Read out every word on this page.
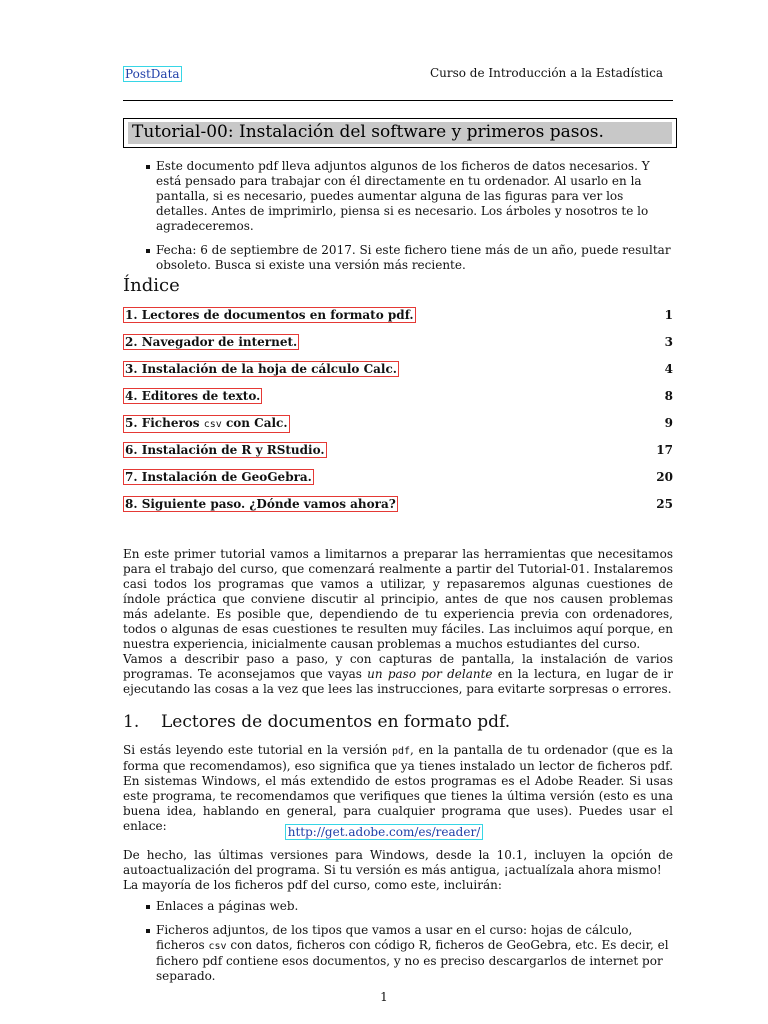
PostData	Curso de Introducción a la Estadística
Tutorial-00: Instalación del software y primeros pasos.
Este documento pdf lleva adjuntos algunos de los ficheros de datos necesarios. Y está pensado para trabajar con él directamente en tu ordenador. Al usarlo en la pantalla, si es necesario, puedes aumentar alguna de las figuras para ver los detalles. Antes de imprimirlo, piensa si es necesario. Los árboles y nosotros te lo agradeceremos.
Fecha: 6 de septiembre de 2017. Si este fichero tiene más de un año, puede resultar obsoleto. Busca si existe una versión más reciente.
Índice
1. Lectores de documentos en formato pdf.	1
2. Navegador de internet.	3
3. Instalación de la hoja de cálculo Calc.	4
4. Editores de texto.	8
5. Ficheros csv con Calc.	9
6. Instalación de R y RStudio.	17
7. Instalación de GeoGebra.	20
8. Siguiente paso. ¿Dónde vamos ahora?	25

En este primer tutorial vamos a limitarnos a preparar las herramientas que necesitamos para el trabajo del curso, que comenzará realmente a partir del Tutorial-01. Instalaremos casi todos los programas que vamos a utilizar, y repasaremos algunas cuestiones de índole práctica que conviene discutir al principio, antes de que nos causen problemas más adelante. Es posible que, dependiendo de tu experiencia previa con ordenadores, todos o algunas de esas cuestiones te resulten muy fáciles. Las incluimos aquí porque, en nuestra experiencia, inicialmente causan problemas a muchos estudiantes del curso.

Vamos a describir paso a paso, y con capturas de pantalla, la instalación de varios programas. Te aconsejamos que vayas un paso por delante en la lectura, en lugar de ir ejecutando las cosas a la vez que lees las instrucciones, para evitarte sorpresas o errores.

1. Lectores de documentos en formato pdf.

Si estás leyendo este tutorial en la versión pdf, en la pantalla de tu ordenador (que es la forma que recomendamos), eso significa que ya tienes instalado un lector de ficheros pdf. En sistemas Windows, el más extendido de estos programas es el Adobe Reader. Si usas este programa, te recomendamos que verifiques que tienes la última versión (esto es una buena idea, hablando en general, para cualquier programa que uses). Puedes usar el enlace:	http://get.adobe.com/es/reader/

De hecho, las últimas versiones para Windows, desde la 10.1, incluyen la opción de autoactualización del programa. Si tu versión es más antigua, ¡actualízala ahora mismo!

La mayoría de los ficheros pdf del curso, como este, incluirán:

Enlaces a páginas web.
Ficheros adjuntos, de los tipos que vamos a usar en el curso: hojas de cálculo, ficheros csv con datos, ficheros con código R, ficheros de GeoGebra, etc. Es decir, el fichero pdf contiene esos documentos, y no es preciso descargarlos de internet por separado.
1
